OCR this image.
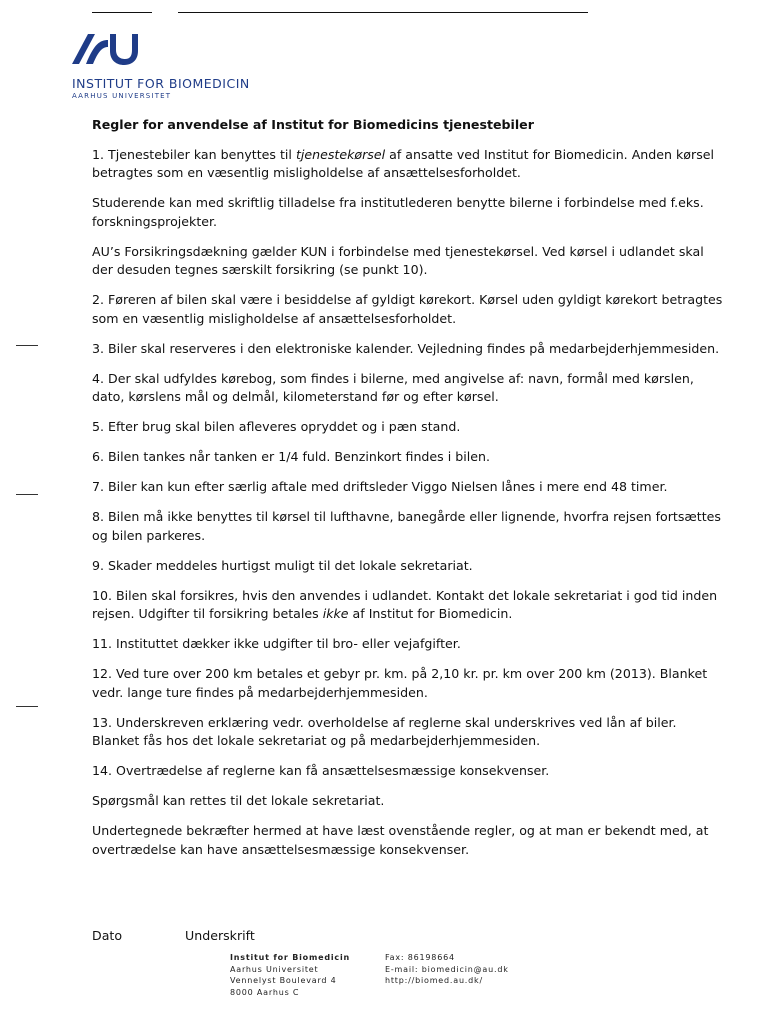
INSTITUT FOR BIOMEDICIN
AARHUS UNIVERSITET

Regler for anvendelse af Institut for Biomedicins tjenestebiler

1. Tjenestebiler kan benyttes til tjenestekørsel af ansatte ved Institut for Biomedicin. Anden kørsel betragtes som en væsentlig misligholdelse af ansættelsesforholdet.

Studerende kan med skriftlig tilladelse fra institutlederen benytte bilerne i forbindelse med f.eks. forskningsprojekter.

AU’s Forsikringsdækning gælder KUN i forbindelse med tjenestekørsel. Ved kørsel i udlandet skal der desuden tegnes særskilt forsikring (se punkt 10).

2. Føreren af bilen skal være i besiddelse af gyldigt kørekort. Kørsel uden gyldigt kørekort betragtes som en væsentlig misligholdelse af ansættelsesforholdet.

3. Biler skal reserveres i den elektroniske kalender. Vejledning findes på medarbejderhjemmesiden.

4. Der skal udfyldes kørebog, som findes i bilerne, med angivelse af: navn, formål med kørslen, dato, kørslens mål og delmål, kilometerstand før og efter kørsel.

5. Efter brug skal bilen afleveres opryddet og i pæn stand.

6. Bilen tankes når tanken er 1/4 fuld. Benzinkort findes i bilen.

7. Biler kan kun efter særlig aftale med driftsleder Viggo Nielsen lånes i mere end 48 timer.

8. Bilen må ikke benyttes til kørsel til lufthavne, banegårde eller lignende, hvorfra rejsen fortsættes og bilen parkeres.

9. Skader meddeles hurtigst muligt til det lokale sekretariat.

10. Bilen skal forsikres, hvis den anvendes i udlandet. Kontakt det lokale sekretariat i god tid inden rejsen. Udgifter til forsikring betales ikke af Institut for Biomedicin.

11. Instituttet dækker ikke udgifter til bro- eller vejafgifter.

12. Ved ture over 200 km betales et gebyr pr. km. på 2,10 kr. pr. km over 200 km (2013). Blanket vedr. lange ture findes på medarbejderhjemmesiden.

13. Underskreven erklæring vedr. overholdelse af reglerne skal underskrives ved lån af biler. Blanket fås hos det lokale sekretariat og på medarbejderhjemmesiden.

14. Overtrædelse af reglerne kan få ansættelsesmæssige konsekvenser.

Spørgsmål kan rettes til det lokale sekretariat.

Undertegnede bekræfter hermed at have læst ovenstående regler, og at man er bekendt med, at overtrædelse kan have ansættelsesmæssige konsekvenser.

Dato	Underskrift
Institut for Biomedicin
Aarhus Universitet
Vennelyst Boulevard 4
8000 Aarhus C
Fax: 86198664
E-mail: biomedicin@au.dk
http://biomed.au.dk/
